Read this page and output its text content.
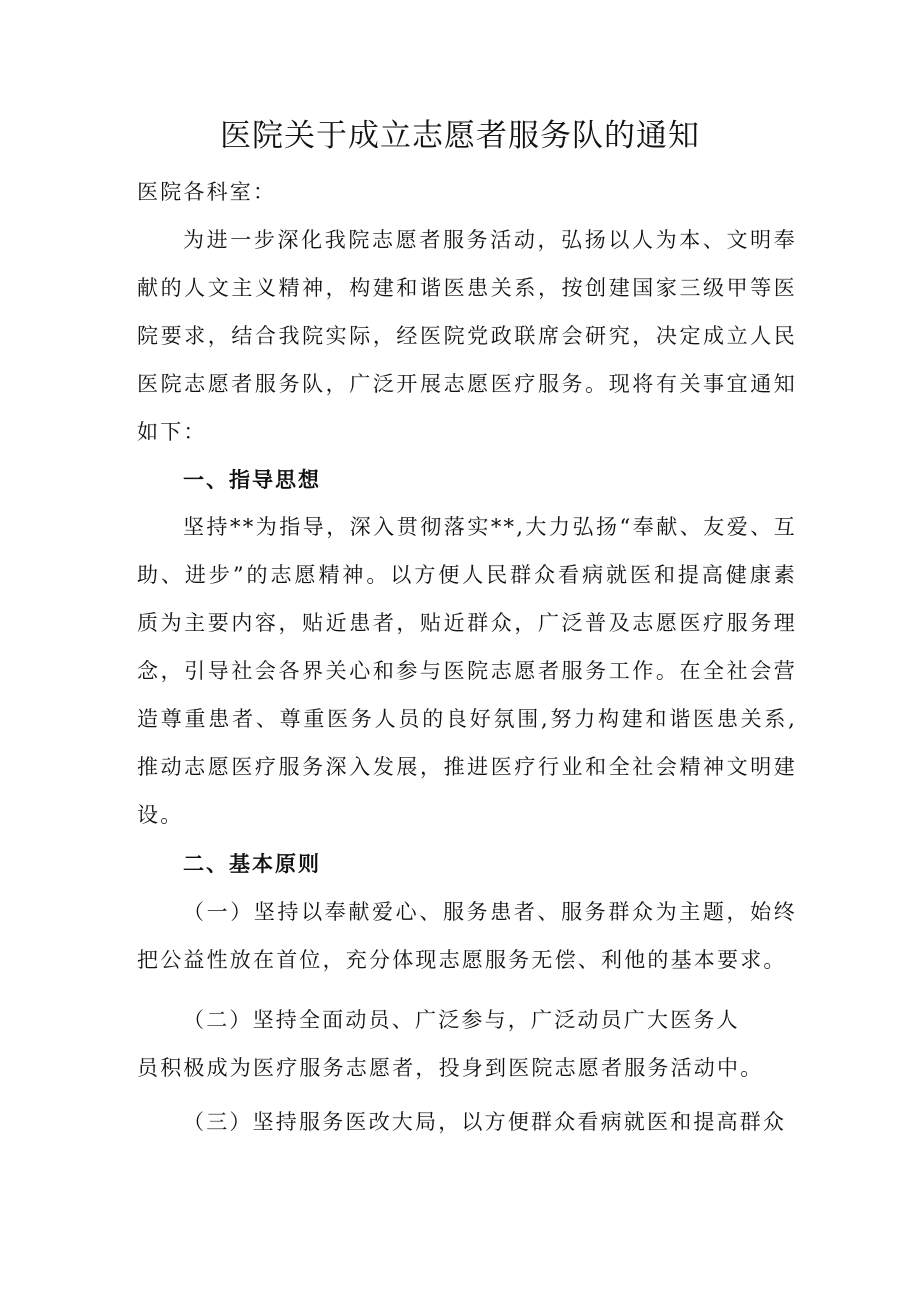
医院关于成立志愿者服务队的通知
医院各科室：

为进一步深化我院志愿者服务活动，弘扬以人为本、文明奉献的人文主义精神，构建和谐医患关系，按创建国家三级甲等医院要求，结合我院实际，经医院党政联席会研究，决定成立人民医院志愿者服务队，广泛开展志愿医疗服务。现将有关事宜通知如下：

一、指导思想

坚持**为指导，深入贯彻落实**,大力弘扬“奉献、友爱、互助、进步”的志愿精神。以方便人民群众看病就医和提高健康素质为主要内容，贴近患者，贴近群众，广泛普及志愿医疗服务理念，引导社会各界关心和参与医院志愿者服务工作。在全社会营造尊重患者、尊重医务人员的良好氛围,努力构建和谐医患关系,推动志愿医疗服务深入发展，推进医疗行业和全社会精神文明建设。

二、基本原则

（一）坚持以奉献爱心、服务患者、服务群众为主题，始终把公益性放在首位，充分体现志愿服务无偿、利他的基本要求。

（二）坚持全面动员、广泛参与，广泛动员广大医务人
员积极成为医疗服务志愿者，投身到医院志愿者服务活动中。
（三）坚持服务医改大局，以方便群众看病就医和提高群众
